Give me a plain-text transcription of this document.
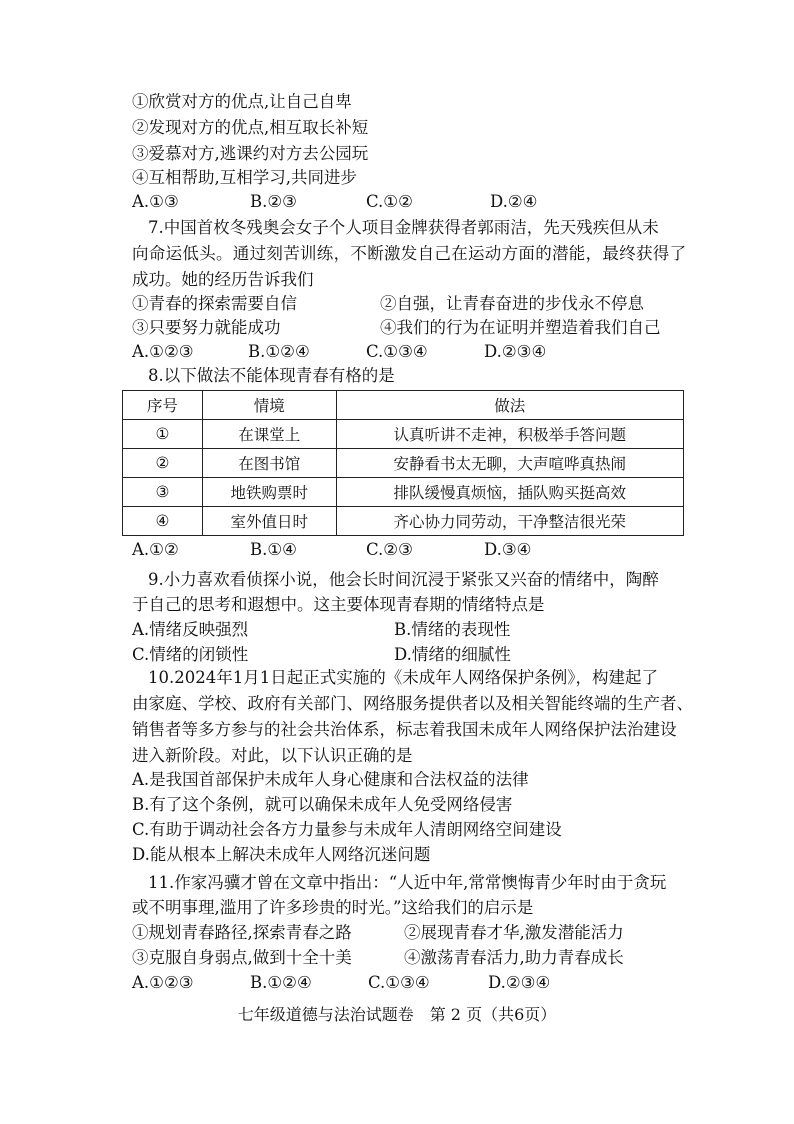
①欣赏对方的优点,让自己自卑
②发现对方的优点,相互取长补短
③爱慕对方,逃课约对方去公园玩
④互相帮助,互相学习,共同进步
A.①③	B.②③	C.①②	D.②④
7.中国首枚冬残奥会女子个人项目金牌获得者郭雨洁，先天残疾但从未
向命运低头。通过刻苦训练，不断激发自己在运动方面的潜能，最终获得了
成功。她的经历告诉我们
①青春的探索需要自信	②自强，让青春奋进的步伐永不停息
③只要努力就能成功	④我们的行为在证明并塑造着我们自己
A.①②③	B.①②④	C.①③④	D.②③④
8.以下做法不能体现青春有格的是
序号	情境	做法
①	在课堂上	认真听讲不走神，积极举手答问题
②	在图书馆	安静看书太无聊，大声喧哗真热闹
③	地铁购票时	排队缓慢真烦恼，插队购买挺高效
④	室外值日时	齐心协力同劳动，干净整洁很光荣
A.①②	B.①④	C.②③	D.③④
9.小力喜欢看侦探小说，他会长时间沉浸于紧张又兴奋的情绪中，陶醉
于自己的思考和遐想中。这主要体现青春期的情绪特点是
A.情绪反映强烈	B.情绪的表现性
C.情绪的闭锁性	D.情绪的细腻性
10.2024年1月1日起正式实施的《未成年人网络保护条例》，构建起了
由家庭、学校、政府有关部门、网络服务提供者以及相关智能终端的生产者、
销售者等多方参与的社会共治体系，标志着我国未成年人网络保护法治建设
进入新阶段。对此，以下认识正确的是
A.是我国首部保护未成年人身心健康和合法权益的法律
B.有了这个条例，就可以确保未成年人免受网络侵害
C.有助于调动社会各方力量参与未成年人清朗网络空间建设
D.能从根本上解决未成年人网络沉迷问题
11.作家冯骥才曾在文章中指出：“人近中年,常常懊悔青少年时由于贪玩
或不明事理,滥用了许多珍贵的时光。”这给我们的启示是
①规划青春路径,探索青春之路	②展现青春才华,激发潜能活力
③克服自身弱点,做到十全十美	④激荡青春活力,助力青春成长
A.①②③	B.①②④	C.①③④	D.②③④
七年级道德与法治试题卷　第 2 页（共6页）
